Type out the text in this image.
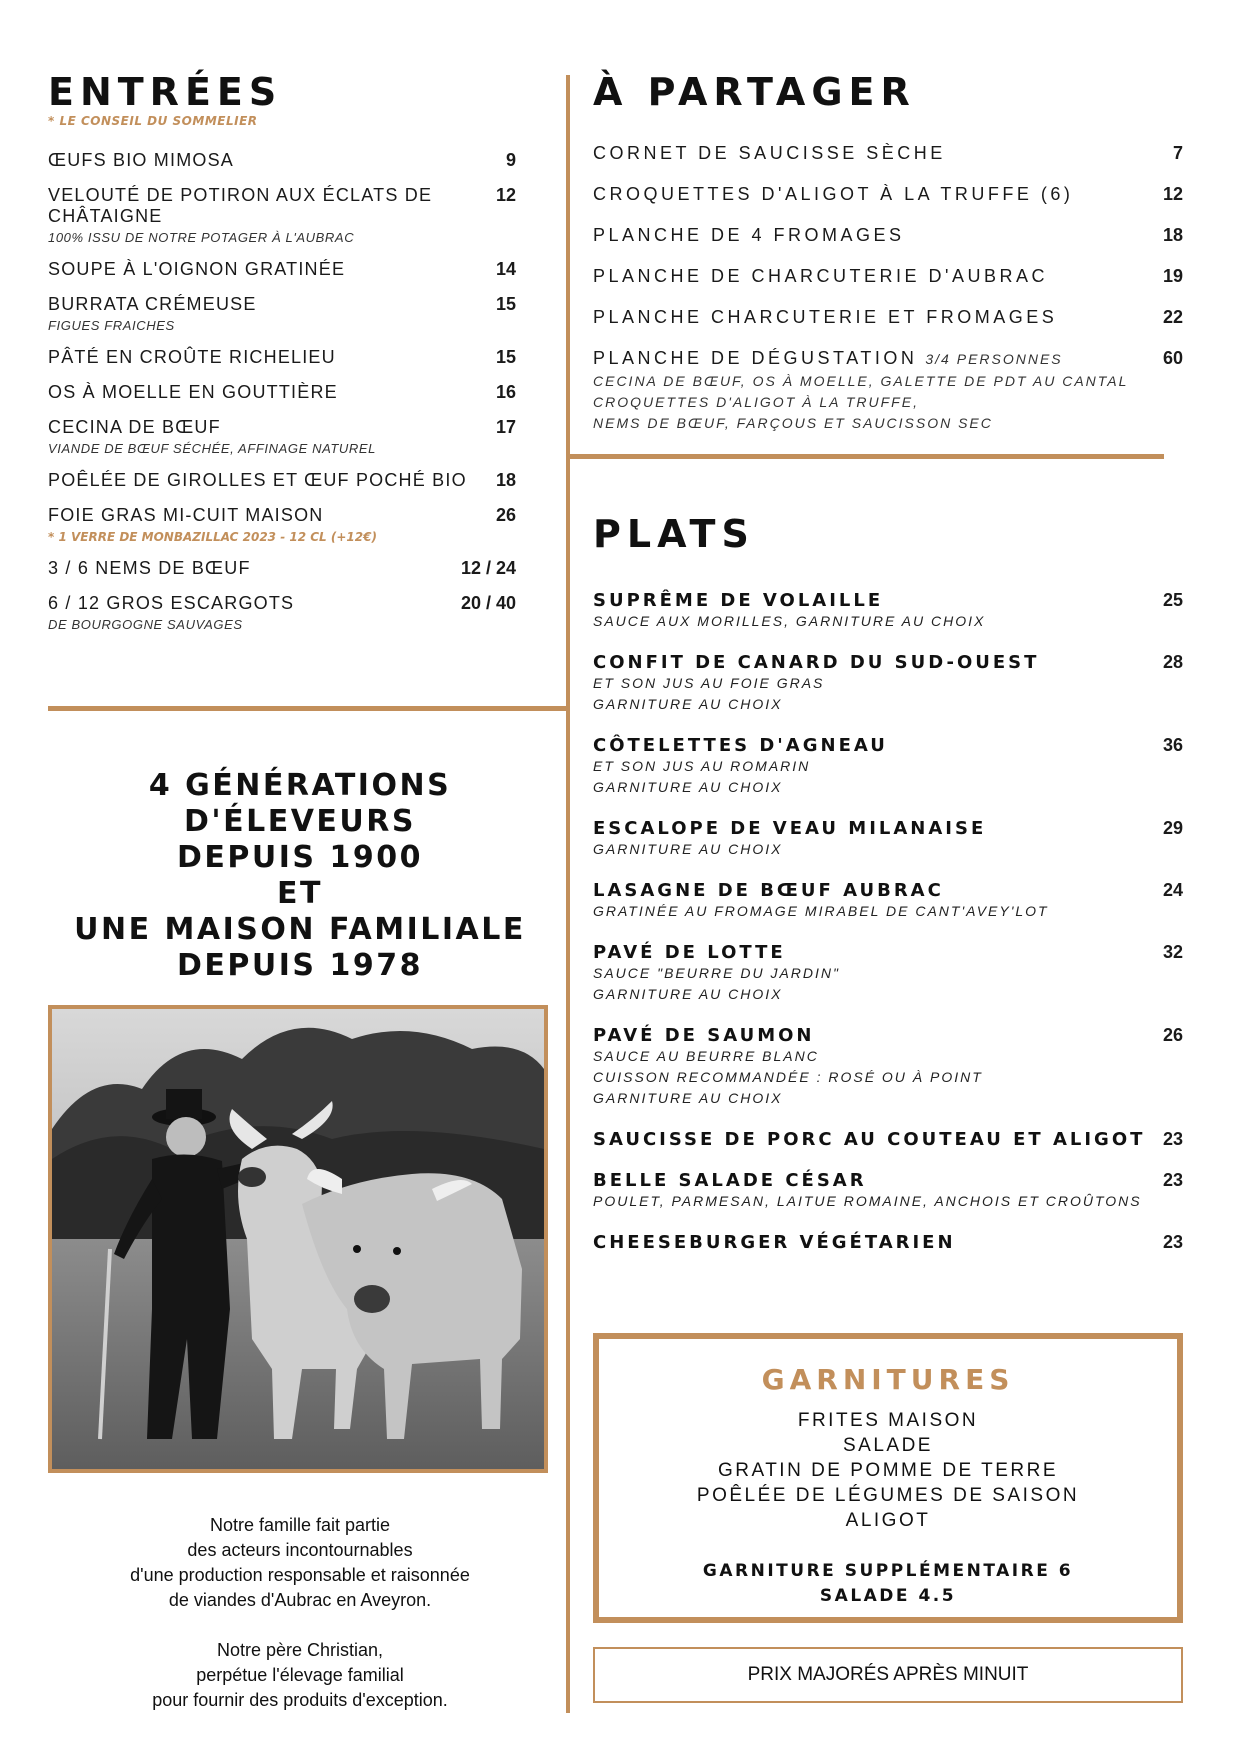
ENTRÉES
* LE CONSEIL DU SOMMELIER
ŒUFS BIO MIMOSA	9
VELOUTÉ DE POTIRON AUX ÉCLATS DE CHÂTAIGNE
12
100% ISSU DE NOTRE POTAGER À L'AUBRAC
SOUPE À L'OIGNON GRATINÉE	14
BURRATA CRÉMEUSE	15
FIGUES FRAICHES
PÂTÉ EN CROÛTE RICHELIEU	15
OS À MOELLE EN GOUTTIÈRE	16
CECINA DE BŒUF	17
VIANDE DE BŒUF SÉCHÉE, AFFINAGE NATUREL
POÊLÉE DE GIROLLES ET ŒUF POCHÉ BIO 18
FOIE GRAS MI-CUIT MAISON	26
* 1 VERRE DE MONBAZILLAC 2023 - 12 CL (+12€)
3 / 6 NEMS DE BŒUF	12 / 24
6 / 12 GROS ESCARGOTS	20 / 40
DE BOURGOGNE SAUVAGES
4 GÉNÉRATIONS D'ÉLEVEURS
DEPUIS 1900
ET
UNE MAISON FAMILIALE
DEPUIS 1978

Notre famille fait partie

des acteurs incontournables

d'une production responsable et raisonnée

de viandes d'Aubrac en Aveyron.

Notre père Christian,

perpétue l'élevage familial

pour fournir des produits d'exception.

À PARTAGER
CORNET DE SAUCISSE SÈCHE	7
CROQUETTES D'ALIGOT À LA TRUFFE (6)	12
PLANCHE DE 4 FROMAGES	18
PLANCHE DE CHARCUTERIE D'AUBRAC	19
PLANCHE CHARCUTERIE ET FROMAGES	22
PLANCHE DE DÉGUSTATION 3/4 PERSONNES	60
CECINA DE BŒUF, OS À MOELLE, GALETTE DE PDT AU CANTAL
CROQUETTES D'ALIGOT À LA TRUFFE,
NEMS DE BŒUF, FARÇOUS ET SAUCISSON SEC
PLATS
SUPRÊME DE VOLAILLE	25
SAUCE AUX MORILLES, GARNITURE AU CHOIX
CONFIT DE CANARD DU SUD-OUEST	28
ET SON JUS AU FOIE GRAS
GARNITURE AU CHOIX
CÔTELETTES D'AGNEAU	36
ET SON JUS AU ROMARIN
GARNITURE AU CHOIX
ESCALOPE DE VEAU MILANAISE	29
GARNITURE AU CHOIX
LASAGNE DE BŒUF AUBRAC	24
GRATINÉE AU FROMAGE MIRABEL DE CANT'AVEY'LOT
PAVÉ DE LOTTE	32
SAUCE "BEURRE DU JARDIN"
GARNITURE AU CHOIX
PAVÉ DE SAUMON	26
SAUCE AU BEURRE BLANC
CUISSON RECOMMANDÉE : ROSÉ OU À POINT
GARNITURE AU CHOIX
SAUCISSE DE PORC AU COUTEAU ET ALIGOT 23
BELLE SALADE CÉSAR	23
POULET, PARMESAN, LAITUE ROMAINE, ANCHOIS ET CROÛTONS
CHEESEBURGER VÉGÉTARIEN	23
GARNITURES
FRITES MAISON
SALADE
GRATIN DE POMME DE TERRE
POÊLÉE DE LÉGUMES DE SAISON
ALIGOT
GARNITURE SUPPLÉMENTAIRE 6
SALADE 4.5
PRIX MAJORÉS APRÈS MINUIT
